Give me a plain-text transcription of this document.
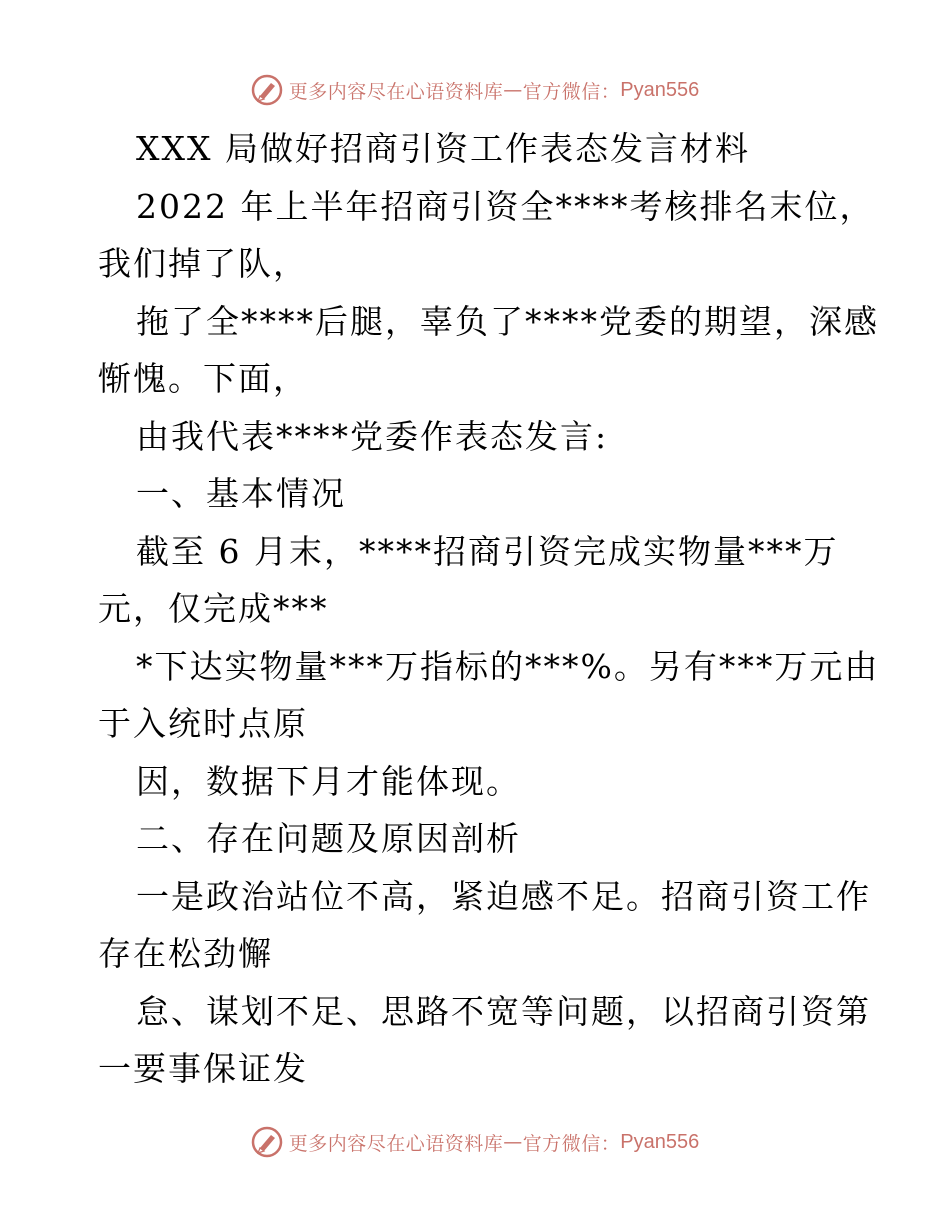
更多内容尽在心语资料库 — 官方微信： Pyan556
XXX 局做好招商引资工作表态发言材料
2022 年上半年招商引资全****考核排名末位，
我们掉了队，
拖了全****后腿，辜负了****党委的期望，深感
惭愧。下面，
由我代表****党委作表态发言:
一、基本情况
截至 6 月末，****招商引资完成实物量***万
元，仅完成***
*下达实物量***万指标的***%。另有***万元由
于入统时点原
因，数据下月才能体现。
二、存在问题及原因剖析
一是政治站位不高，紧迫感不足。招商引资工作
存在松劲懈
怠、谋划不足、思路不宽等问题，以招商引资第
一要事保证发
更多内容尽在心语资料库 — 官方微信： Pyan556
